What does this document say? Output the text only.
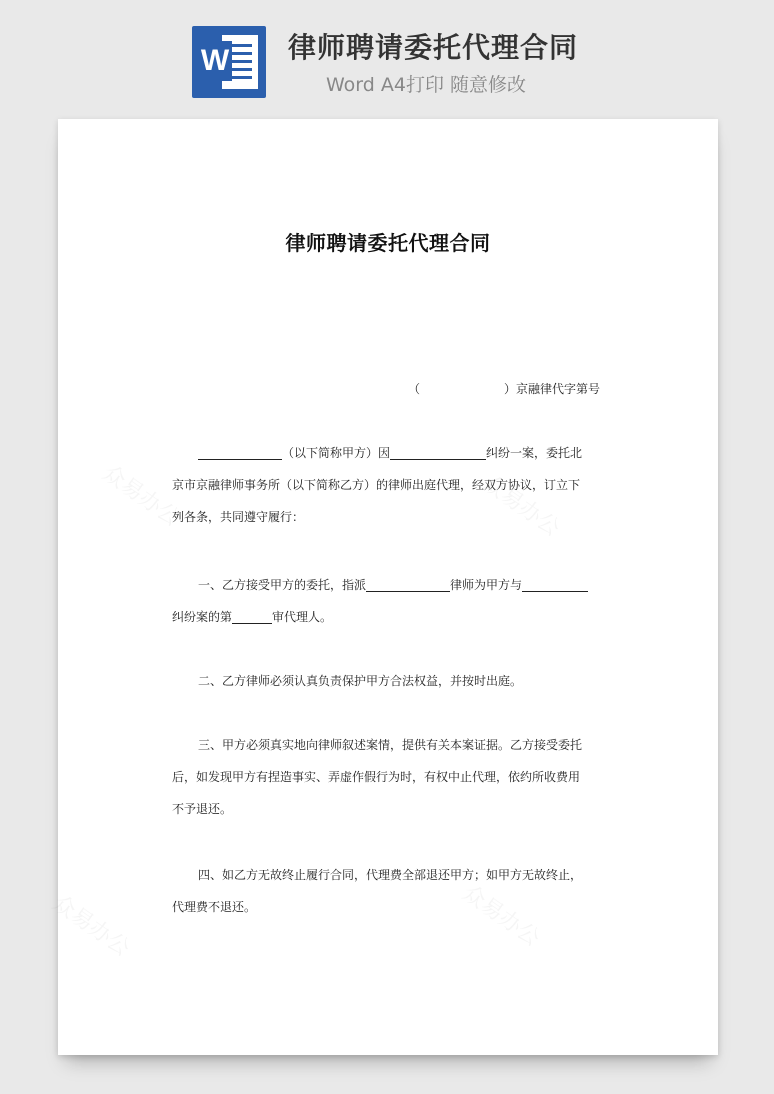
W 律师聘请委托代理合同
Word A4打印 随意修改
众易办公	众易办公
众易办公	众易办公
律师聘请委托代理合同
（	）京融律代字第号
（以下简称甲方）因	纠纷一案，委托北
京市京融律师事务所（以下简称乙方）的律师出庭代理，经双方协议，订立下
列各条，共同遵守履行：
一、乙方接受甲方的委托，指派	律师为甲方与
纠纷案的第	审代理人。
二、乙方律师必须认真负责保护甲方合法权益，并按时出庭。
三、甲方必须真实地向律师叙述案情，提供有关本案证据。乙方接受委托
后，如发现甲方有捏造事实、弄虚作假行为时，有权中止代理，依约所收费用
不予退还。
四、如乙方无故终止履行合同，代理费全部退还甲方；如甲方无故终止，
代理费不退还。
